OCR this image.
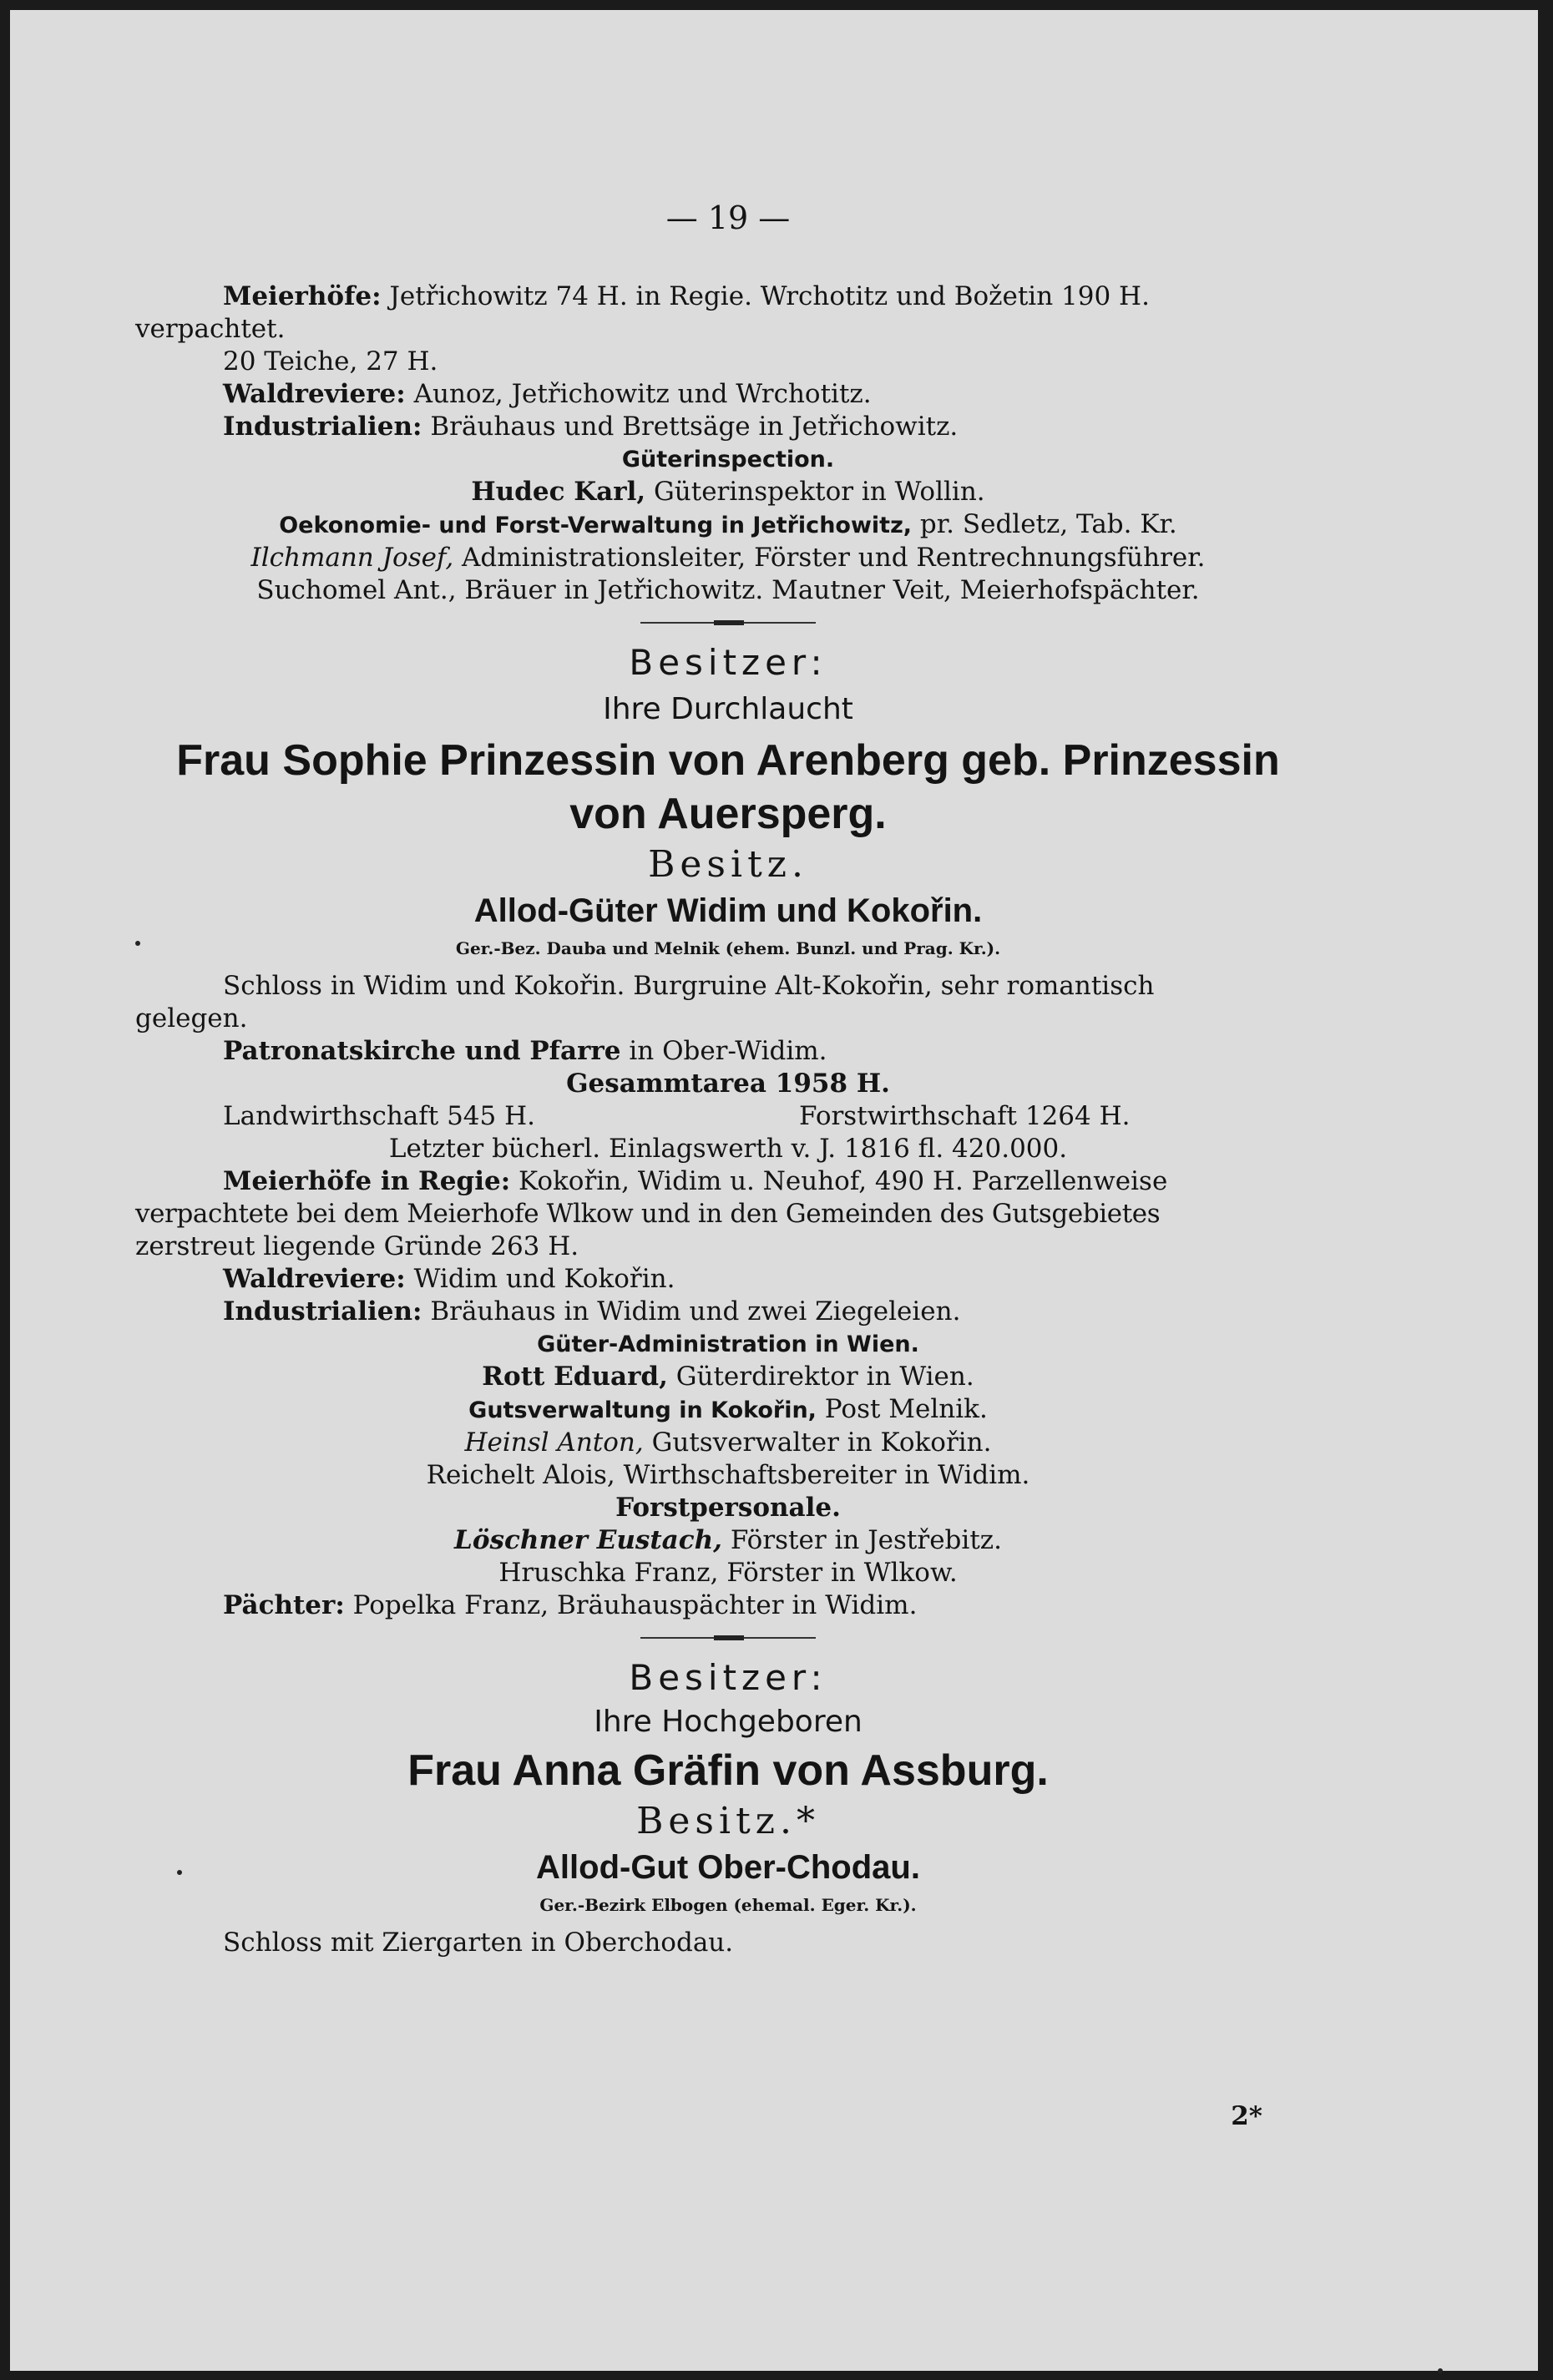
— 19 —
Meierhöfe: Jetřichowitz 74 H. in Regie. Wrchotitz und Božetin 190 H.
verpachtet.
20 Teiche, 27 H.
Waldreviere: Aunoz, Jetřichowitz und Wrchotitz.
Industrialien: Bräuhaus und Brettsäge in Jetřichowitz.
Güterinspection.
Hudec Karl, Güterinspektor in Wollin.
Oekonomie- und Forst-Verwaltung in Jetřichowitz, pr. Sedletz, Tab. Kr.
Ilchmann Josef, Administrationsleiter, Förster und Rentrechnungsführer.
Suchomel Ant., Bräuer in Jetřichowitz. Mautner Veit, Meierhofspächter.
Besitzer:
Ihre Durchlaucht
Frau Sophie Prinzessin von Arenberg geb. Prinzessin
von Auersperg.
Besitz.
Allod-Güter Widim und Kokořin.
Ger.-Bez. Dauba und Melnik (ehem. Bunzl. und Prag. Kr.).
Schloss in Widim und Kokořin. Burgruine Alt-Kokořin, sehr romantisch
gelegen.
Patronatskirche und Pfarre in Ober-Widim.
Gesammtarea 1958 H.
Landwirthschaft 545 H.	Forstwirthschaft 1264 H.
Letzter bücherl. Einlagswerth v. J. 1816 fl. 420.000.
Meierhöfe in Regie: Kokořin, Widim u. Neuhof, 490 H. Parzellenweise
verpachtete bei dem Meierhofe Wlkow und in den Gemeinden des Gutsgebietes
zerstreut liegende Gründe 263 H.
Waldreviere: Widim und Kokořin.
Industrialien: Bräuhaus in Widim und zwei Ziegeleien.
Güter-Administration in Wien.
Rott Eduard, Güterdirektor in Wien.
Gutsverwaltung in Kokořin, Post Melnik.
Heinsl Anton, Gutsverwalter in Kokořin.
Reichelt Alois, Wirthschaftsbereiter in Widim.
Forstpersonale.
Löschner Eustach, Förster in Jestřebitz.
Hruschka Franz, Förster in Wlkow.
Pächter: Popelka Franz, Bräuhauspächter in Widim.
Besitzer:
Ihre Hochgeboren
Frau Anna Gräfin von Assburg.
Besitz.*
Allod-Gut Ober-Chodau.
Ger.-Bezirk Elbogen (ehemal. Eger. Kr.).
Schloss mit Ziergarten in Oberchodau.
2*
